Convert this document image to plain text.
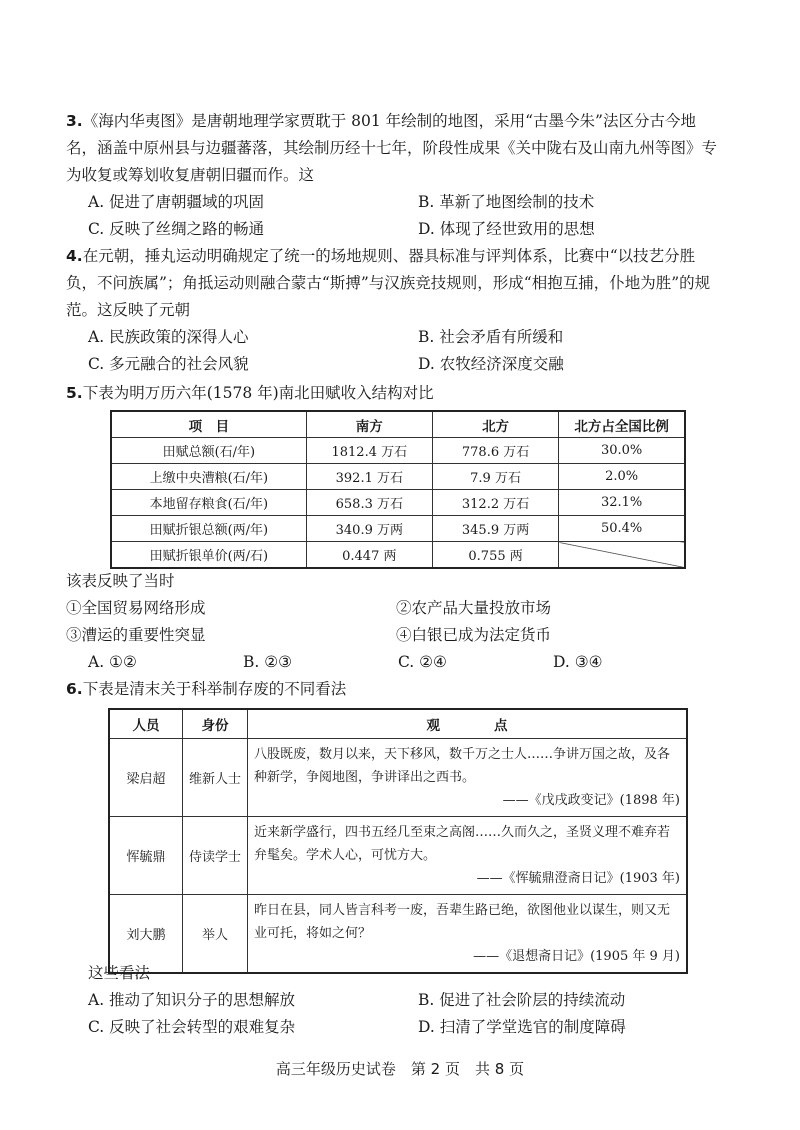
3.《海内华夷图》是唐朝地理学家贾耽于 801 年绘制的地图，采用“古墨今朱”法区分古今地名，涵盖中原州县与边疆蕃落，其绘制历经十七年，阶段性成果《关中陇右及山南九州等图》专为收复或筹划收复唐朝旧疆而作。这

A. 促进了唐朝疆域的巩固	B. 革新了地图绘制的技术
C. 反映了丝绸之路的畅通	D. 体现了经世致用的思想

4.在元朝，捶丸运动明确规定了统一的场地规则、器具标准与评判体系，比赛中“以技艺分胜负，不问族属”；角抵运动则融合蒙古“斯搏”与汉族竞技规则，形成“相抱互捕，仆地为胜”的规范。这反映了元朝

A. 民族政策的深得人心	B. 社会矛盾有所缓和
C. 多元融合的社会风貌	D. 农牧经济深度交融

5.下表为明万历六年(1578 年)南北田赋收入结构对比

项　目	南方	北方	北方占全国比例
田赋总额(石/年)	1812.4 万石	778.6 万石	30.0%
上缴中央漕粮(石/年)	392.1 万石	7.9 万石	2.0%
本地留存粮食(石/年)	658.3 万石	312.2 万石	32.1%
田赋折银总额(两/年)	340.9 万两	345.9 万两	50.4%
田赋折银单价(两/石)	0.447 两	0.755 两	
该表反映了当时
①全国贸易网络形成	②农产品大量投放市场
③漕运的重要性突显	④白银已成为法定货币
A. ①②	B. ②③	C. ②④	D. ③④

6.下表是清末关于科举制存废的不同看法

人员	身份	观　　　　点
梁启超	维新人士	八股既废，数月以来，天下移风，数千万之士人……争讲万国之故，及各种新学，争阅地图，争讲译出之西书。
——《戊戌政变记》(1898 年)

恽毓鼎	侍读学士	近来新学盛行，四书五经几至束之高阁……久而久之，圣贤义理不难弃若弁髦矣。学术人心，可忧方大。
——《恽毓鼎澄斋日记》(1903 年)

刘大鹏	举人	昨日在县，同人皆言科考一废，吾辈生路已绝，欲图他业以谋生，则又无业可托，将如之何？
——《退想斋日记》(1905 年 9 月)
这些看法
A. 推动了知识分子的思想解放	B. 促进了社会阶层的持续流动
C. 反映了社会转型的艰难复杂	D. 扫清了学堂选官的制度障碍
高三年级历史试卷　第 2 页　共 8 页
